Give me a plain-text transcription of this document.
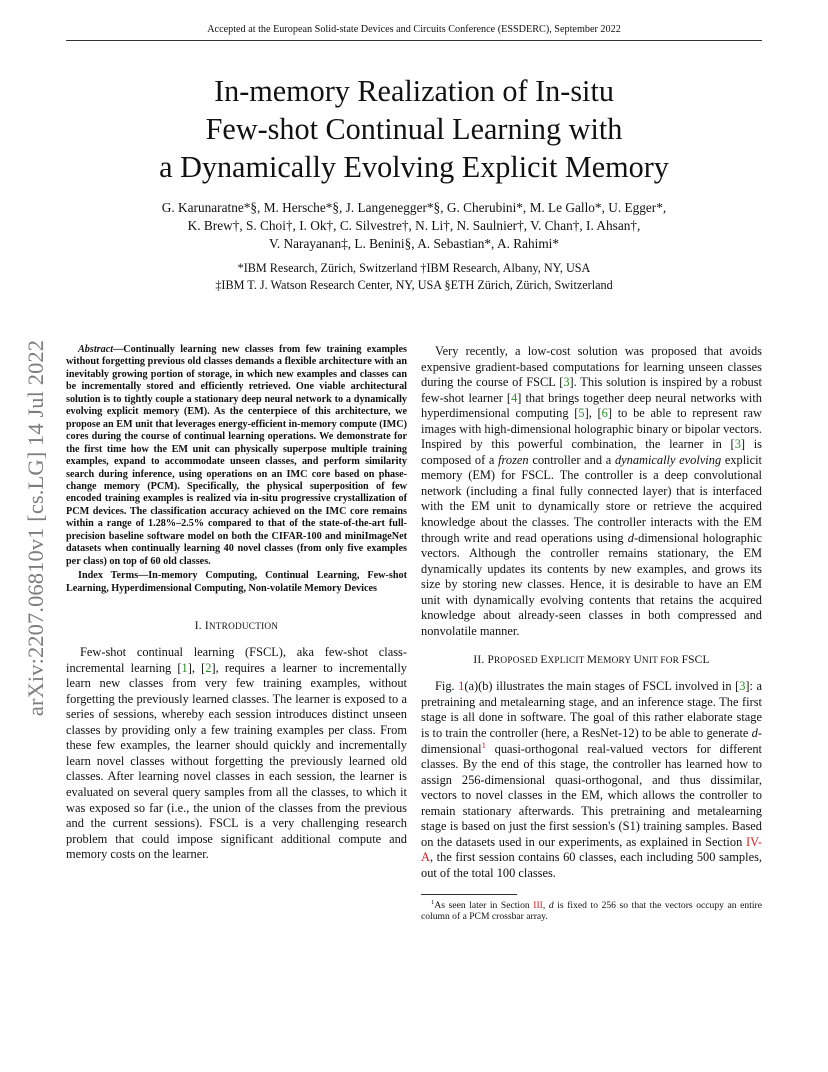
Accepted at the European Solid-state Devices and Circuits Conference (ESSDERC), September 2022
arXiv:2207.06810v1 [cs.LG] 14 Jul 2022
In-memory Realization of In-situ
Few-shot Continual Learning with
a Dynamically Evolving Explicit Memory
G. Karunaratne*§, M. Hersche*§, J. Langenegger*§, G. Cherubini*, M. Le Gallo*, U. Egger*,
K. Brew†, S. Choi†, I. Ok†, C. Silvestre†, N. Li†, N. Saulnier†, V. Chan†, I. Ahsan†,
V. Narayanan‡, L. Benini§, A. Sebastian*, A. Rahimi*
*IBM Research, Zürich, Switzerland †IBM Research, Albany, NY, USA
‡IBM T. J. Watson Research Center, NY, USA §ETH Zürich, Zürich, Switzerland

Abstract—Continually learning new classes from few training examples without forgetting previous old classes demands a flexible architecture with an inevitably growing portion of storage, in which new examples and classes can be incrementally stored and efficiently retrieved. One viable architectural solution is to tightly couple a stationary deep neural network to a dynamically evolving explicit memory (EM). As the centerpiece of this architecture, we propose an EM unit that leverages energy-efficient in-memory compute (IMC) cores during the course of continual learning operations. We demonstrate for the first time how the EM unit can physically superpose multiple training examples, expand to accommodate unseen classes, and perform similarity search during inference, using operations on an IMC core based on phase-change memory (PCM). Specifically, the physical superposition of few encoded training examples is realized via in-situ progressive crystallization of PCM devices. The classification accuracy achieved on the IMC core remains within a range of 1.28%–2.5% compared to that of the state-of-the-art full-precision baseline software model on both the CIFAR-100 and miniImageNet datasets when continually learning 40 novel classes (from only five examples per class) on top of 60 old classes.

Index Terms—In-memory Computing, Continual Learning, Few-shot Learning, Hyperdimensional Computing, Non-volatile Memory Devices

I. INTRODUCTION

Few-shot continual learning (FSCL), aka few-shot class-incremental learning [1], [2], requires a learner to incrementally learn new classes from very few training examples, without forgetting the previously learned classes. The learner is exposed to a series of sessions, whereby each session introduces distinct unseen classes by providing only a few training examples per class. From these few examples, the learner should quickly and incrementally learn novel classes without forgetting the previously learned old classes. After learning novel classes in each session, the learner is evaluated on several query samples from all the classes, to which it was exposed so far (i.e., the union of the classes from the previous and the current sessions). FSCL is a very challenging research problem that could impose significant additional compute and memory costs on the learner.

Very recently, a low-cost solution was proposed that avoids expensive gradient-based computations for learning unseen classes during the course of FSCL [3]. This solution is inspired by a robust few-shot learner [4] that brings together deep neural networks with hyperdimensional computing [5], [6] to be able to represent raw images with high-dimensional holographic binary or bipolar vectors. Inspired by this powerful combination, the learner in [3] is composed of a frozen controller and a dynamically evolving explicit memory (EM) for FSCL. The controller is a deep convolutional network (including a final fully connected layer) that is interfaced with the EM unit to dynamically store or retrieve the acquired knowledge about the classes. The controller interacts with the EM through write and read operations using d-dimensional holographic vectors. Although the controller remains stationary, the EM dynamically updates its contents by new examples, and grows its size by storing new classes. Hence, it is desirable to have an EM unit with dynamically evolving contents that retains the acquired knowledge about already-seen classes in both compressed and nonvolatile manner.

II. PROPOSED EXPLICIT MEMORY UNIT FOR FSCL

Fig. 1(a)(b) illustrates the main stages of FSCL involved in [3]: a pretraining and metalearning stage, and an inference stage. The first stage is all done in software. The goal of this rather elaborate stage is to train the controller (here, a ResNet-12) to be able to generate d-dimensional$^1$ quasi-orthogonal real-valued vectors for different classes. By the end of this stage, the controller has learned how to assign 256-dimensional quasi-orthogonal, and thus dissimilar, vectors to novel classes in the EM, which allows the controller to remain stationary afterwards. This pretraining and metalearning stage is based on just the first session's (S1) training samples. Based on the datasets used in our experiments, as explained in Section IV-A, the first session contains 60 classes, each including 500 samples, out of the total 100 classes.

$^1$As seen later in Section III, d is fixed to 256 so that the vectors occupy an entire column of a PCM crossbar array.
